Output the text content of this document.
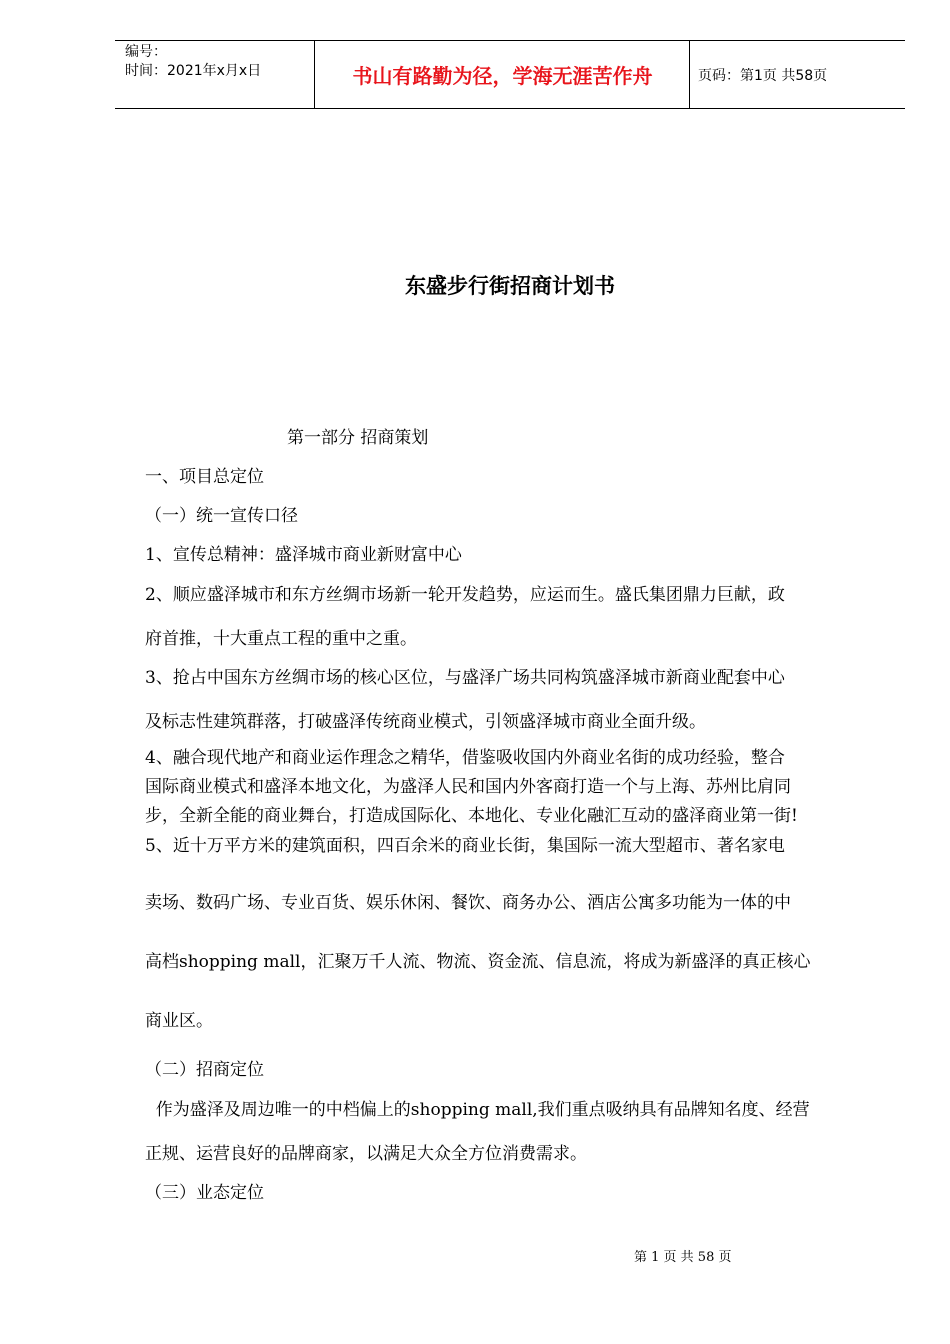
编号：
时间：2021年x月x日	书山有路勤为径，学海无涯苦作舟	页码：第1页 共58页
东盛步行街招商计划书
第一部分 招商策划
一、项目总定位
（一）统一宣传口径
1、宣传总精神：盛泽城市商业新财富中心
2、顺应盛泽城市和东方丝绸市场新一轮开发趋势，应运而生。盛氏集团鼎力巨献，政
府首推，十大重点工程的重中之重。
3、抢占中国东方丝绸市场的核心区位，与盛泽广场共同构筑盛泽城市新商业配套中心
及标志性建筑群落，打破盛泽传统商业模式，引领盛泽城市商业全面升级。
4、融合现代地产和商业运作理念之精华，借鉴吸收国内外商业名街的成功经验，整合
国际商业模式和盛泽本地文化，为盛泽人民和国内外客商打造一个与上海、苏州比肩同
步，全新全能的商业舞台，打造成国际化、本地化、专业化融汇互动的盛泽商业第一街!
5、近十万平方米的建筑面积，四百余米的商业长街，集国际一流大型超市、著名家电
卖场、数码广场、专业百货、娱乐休闲、餐饮、商务办公、酒店公寓多功能为一体的中
高档shopping mall，汇聚万千人流、物流、资金流、信息流，将成为新盛泽的真正核心
商业区。
（二）招商定位
作为盛泽及周边唯一的中档偏上的shopping mall,我们重点吸纳具有品牌知名度、经营
正规、运营良好的品牌商家，以满足大众全方位消费需求。
（三）业态定位
第 1 页 共 58 页
